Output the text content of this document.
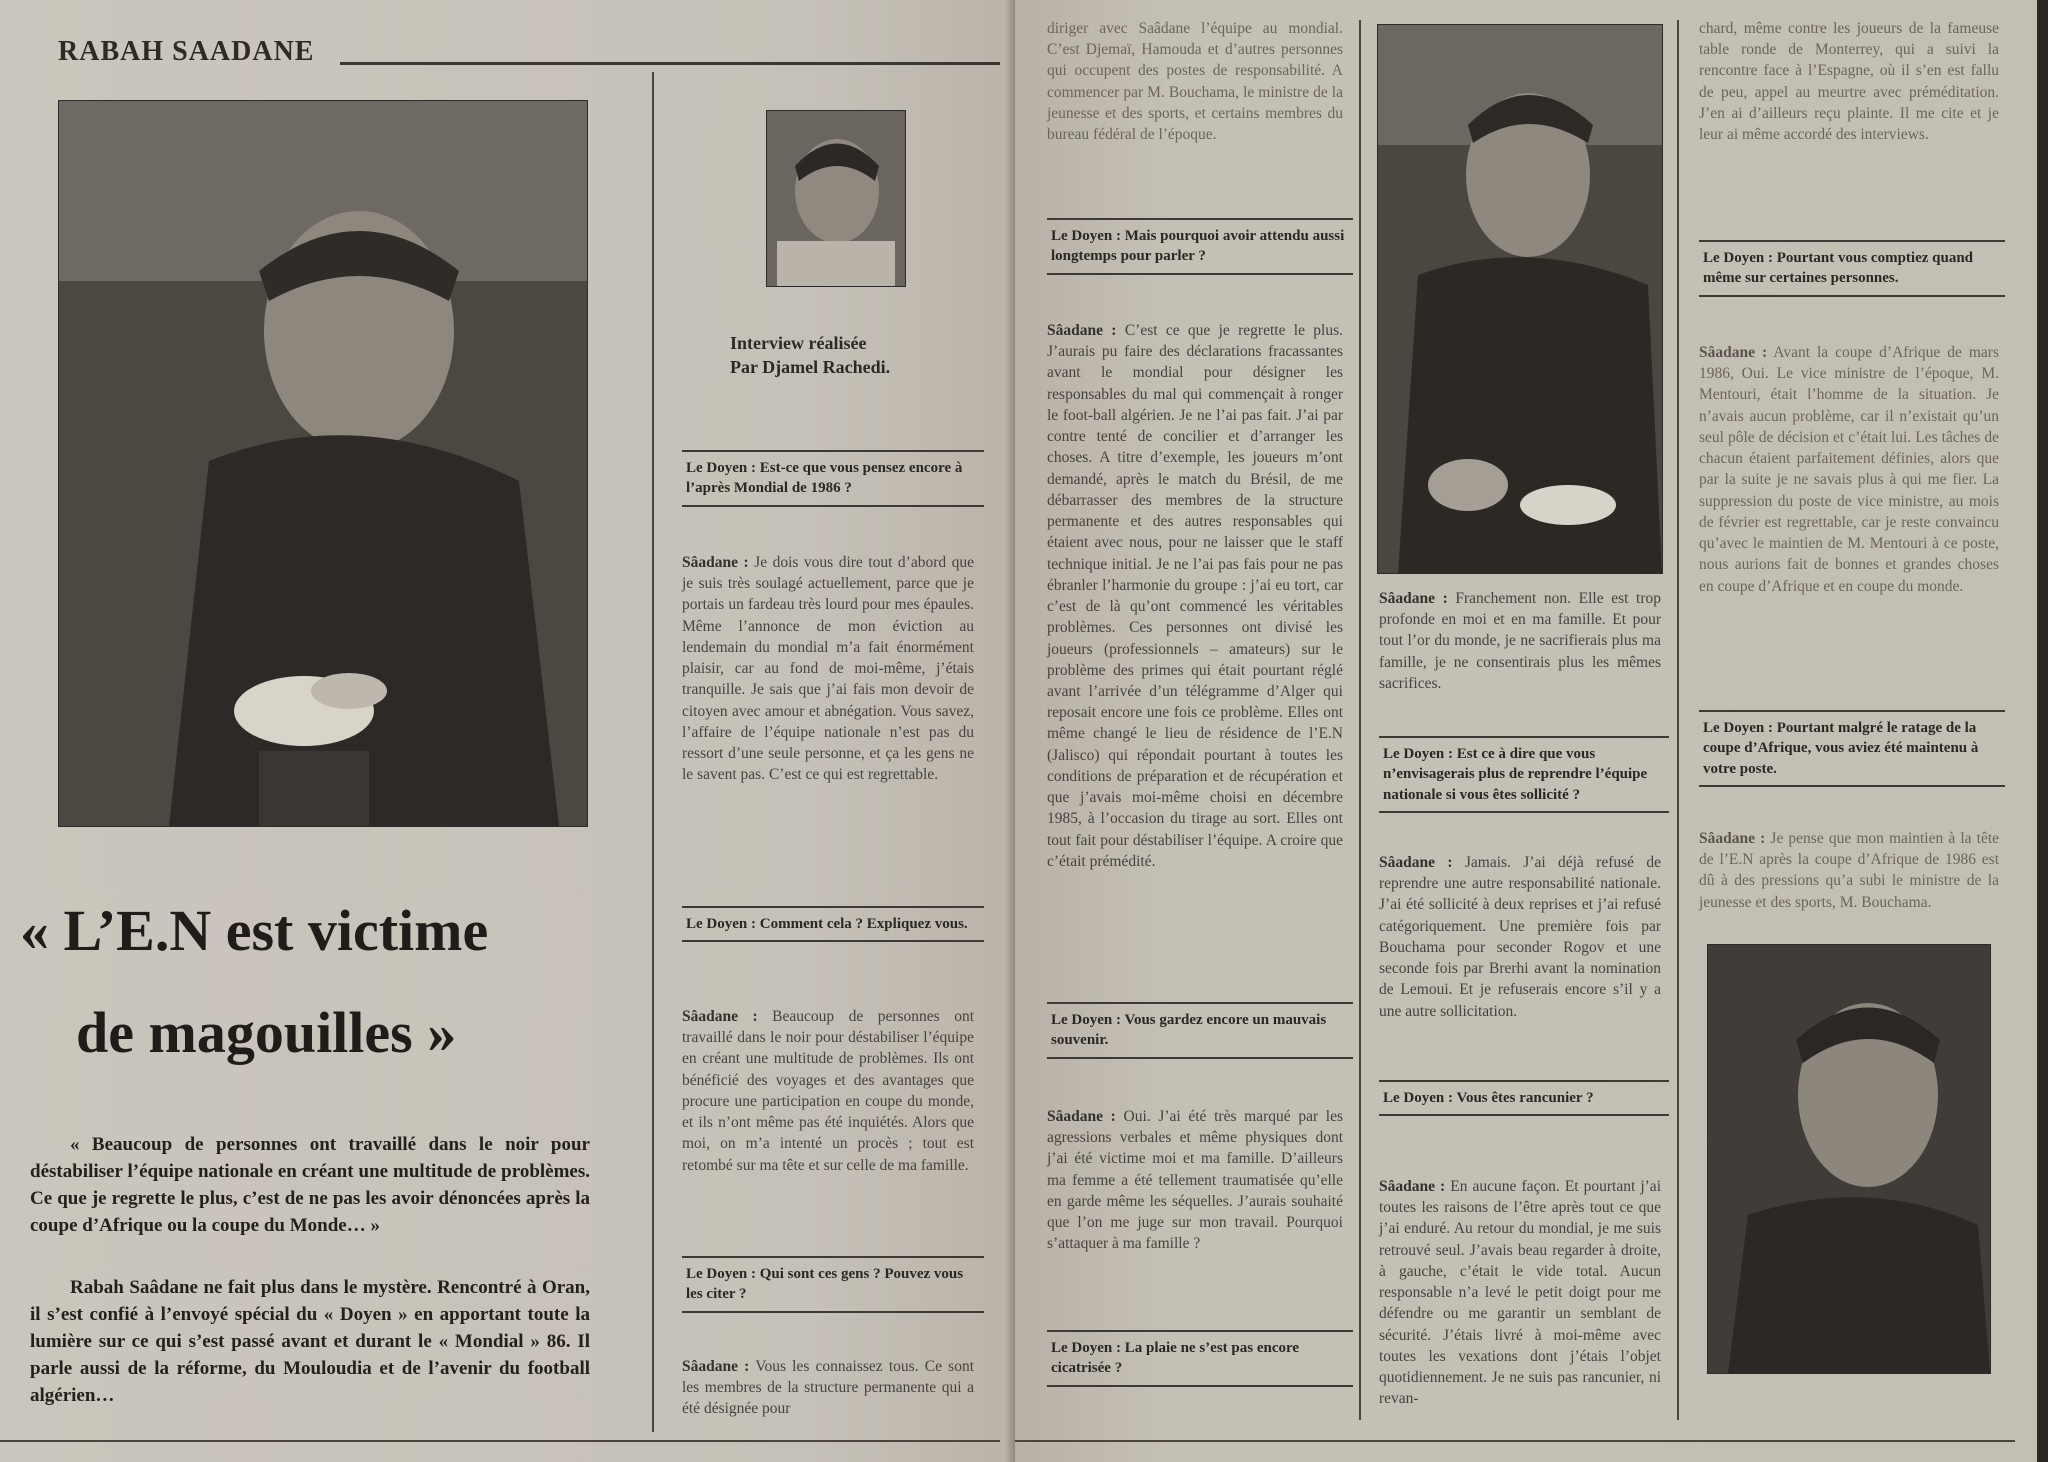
RABAH SAADANE
« L’E.N est victime
de magouilles »
« Beaucoup de personnes ont travaillé dans le noir pour déstabiliser l’équipe nationale en créant une multitude de problèmes. Ce que je regrette le plus, c’est de ne pas les avoir dénoncées après la coupe d’Afrique ou la coupe du Monde… »
Rabah Saâdane ne fait plus dans le mystère. Rencontré à Oran, il s’est confié à l’envoyé spécial du « Doyen » en apportant toute la lumière sur ce qui s’est passé avant et durant le « Mondial » 86. Il parle aussi de la réforme, du Mouloudia et de l’avenir du football algérien…
Interview réalisée
Par Djamel Rachedi.
Le Doyen : Est-ce que vous pensez encore à l’après Mondial de 1986 ?
Sâadane : Je dois vous dire tout d’abord que je suis très soulagé actuellement, parce que je portais un fardeau très lourd pour mes épaules. Même l’annonce de mon éviction au lendemain du mondial m’a fait énormément plaisir, car au fond de moi-même, j’étais tranquille. Je sais que j’ai fais mon devoir de citoyen avec amour et abnégation. Vous savez, l’affaire de l’équipe nationale n’est pas du ressort d’une seule personne, et ça les gens ne le savent pas. C’est ce qui est regrettable.
Le Doyen : Comment cela ? Expliquez vous.
Sâadane : Beaucoup de personnes ont travaillé dans le noir pour déstabiliser l’équipe en créant une multitude de problèmes. Ils ont bénéficié des voyages et des avantages que procure une participation en coupe du monde, et ils n’ont même pas été inquiétés. Alors que moi, on m’a intenté un procès ; tout est retombé sur ma tête et sur celle de ma famille.
Le Doyen : Qui sont ces gens ? Pouvez vous les citer ?
Sâadane : Vous les connaissez tous. Ce sont les membres de la structure permanente qui a été désignée pour
diriger avec Saâdane l’équipe au mondial. C’est Djemaï, Hamouda et d’autres personnes qui occupent des postes de responsabilité. A commencer par M. Bouchama, le ministre de la jeunesse et des sports, et certains membres du bureau fédéral de l’époque.
Le Doyen : Mais pourquoi avoir attendu aussi longtemps pour parler ?
Sâadane : C’est ce que je regrette le plus. J’aurais pu faire des déclarations fracassantes avant le mondial pour désigner les responsables du mal qui commençait à ronger le foot-ball algérien. Je ne l’ai pas fait. J’ai par contre tenté de concilier et d’arranger les choses. A titre d’exemple, les joueurs m’ont demandé, après le match du Brésil, de me débarrasser des membres de la structure permanente et des autres responsables qui étaient avec nous, pour ne laisser que le staff technique initial. Je ne l’ai pas fais pour ne pas ébranler l’harmonie du groupe : j’ai eu tort, car c’est de là qu’ont commencé les véritables problèmes. Ces personnes ont divisé les joueurs (professionnels – amateurs) sur le problème des primes qui était pourtant réglé avant l’arrivée d’un télégramme d’Alger qui reposait encore une fois ce problème. Elles ont même changé le lieu de résidence de l’E.N (Jalisco) qui répondait pourtant à toutes les conditions de préparation et de récupération et que j’avais moi-même choisi en décembre 1985, à l’occasion du tirage au sort. Elles ont tout fait pour déstabiliser l’équipe. A croire que c’était prémédité.
Le Doyen : Vous gardez encore un mauvais souvenir.
Sâadane : Oui. J’ai été très marqué par les agressions verbales et même physiques dont j’ai été victime moi et ma famille. D’ailleurs ma femme a été tellement traumatisée qu’elle en garde même les séquelles. J’aurais souhaité que l’on me juge sur mon travail. Pourquoi s’attaquer à ma famille ?
Le Doyen : La plaie ne s’est pas encore cicatrisée ?
Sâadane : Franchement non. Elle est trop profonde en moi et en ma famille. Et pour tout l’or du monde, je ne sacrifierais plus ma famille, je ne consentirais plus les mêmes sacrifices.
Le Doyen : Est ce à dire que vous n’envisagerais plus de reprendre l’équipe nationale si vous êtes sollicité ?
Sâadane : Jamais. J’ai déjà refusé de reprendre une autre responsabilité nationale. J’ai été sollicité à deux reprises et j’ai refusé catégoriquement. Une première fois par Bouchama pour seconder Rogov et une seconde fois par Brerhi avant la nomination de Lemoui. Et je refuserais encore s’il y a une autre sollicitation.
Le Doyen : Vous êtes rancunier ?
Sâadane : En aucune façon. Et pourtant j’ai toutes les raisons de l’être après tout ce que j’ai enduré. Au retour du mondial, je me suis retrouvé seul. J’avais beau regarder à droite, à gauche, c’était le vide total. Aucun responsable n’a levé le petit doigt pour me défendre ou me garantir un semblant de sécurité. J’étais livré à moi-même avec toutes les vexations dont j’étais l’objet quotidiennement. Je ne suis pas rancunier, ni revan-
chard, même contre les joueurs de la fameuse table ronde de Monterrey, qui a suivi la rencontre face à l’Espagne, où il s’en est fallu de peu, appel au meurtre avec préméditation. J’en ai d’ailleurs reçu plainte. Il me cite et je leur ai même accordé des interviews.
Le Doyen : Pourtant vous comptiez quand même sur certaines personnes.
Sâadane : Avant la coupe d’Afrique de mars 1986, Oui. Le vice ministre de l’époque, M. Mentouri, était l’homme de la situation. Je n’avais aucun problème, car il n’existait qu’un seul pôle de décision et c’était lui. Les tâches de chacun étaient parfaitement définies, alors que par la suite je ne savais plus à qui me fier. La suppression du poste de vice ministre, au mois de février est regrettable, car je reste convaincu qu’avec le maintien de M. Mentouri à ce poste, nous aurions fait de bonnes et grandes choses en coupe d’Afrique et en coupe du monde.
Le Doyen : Pourtant malgré le ratage de la coupe d’Afrique, vous aviez été maintenu à votre poste.
Sâadane : Je pense que mon maintien à la tête de l’E.N après la coupe d’Afrique de 1986 est dû à des pressions qu’a subi le ministre de la jeunesse et des sports, M. Bouchama.
